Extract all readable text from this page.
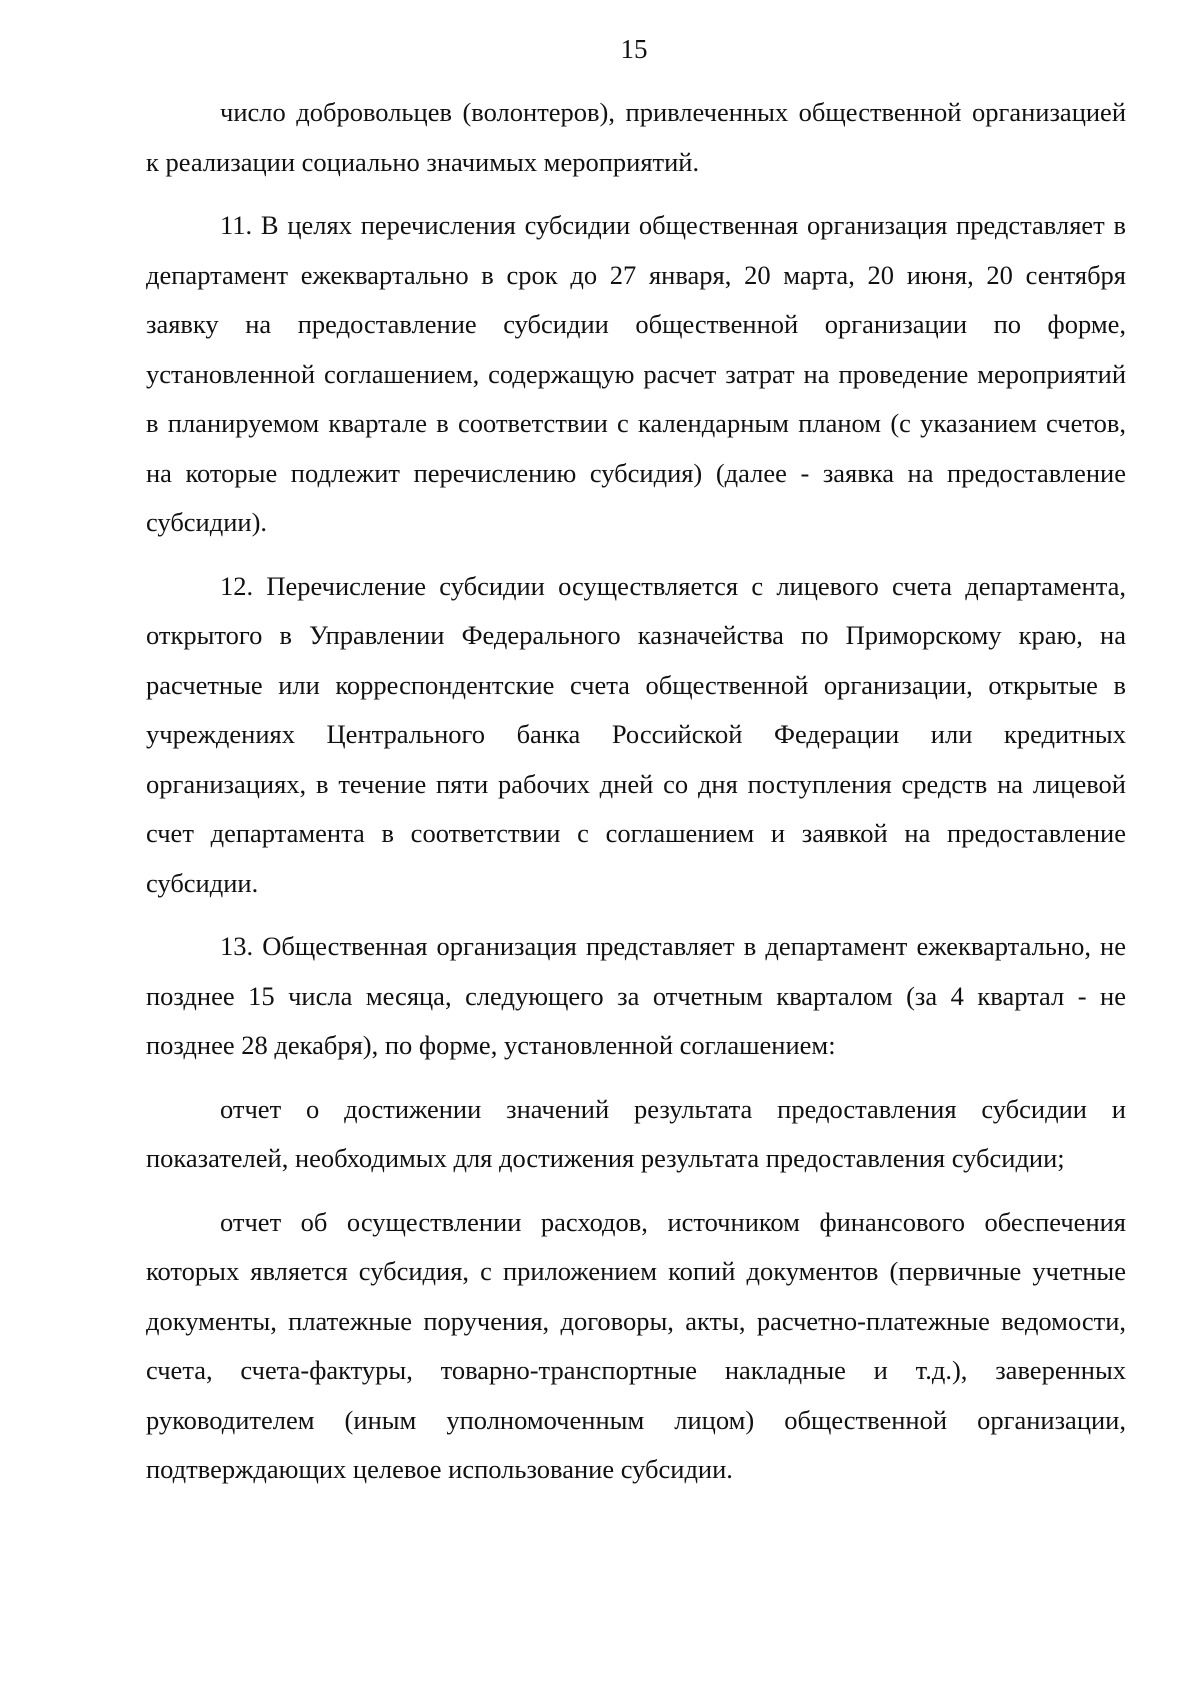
15

число добровольцев (волонтеров), привлеченных общественной организацией к реализации социально значимых мероприятий.

11. В целях перечисления субсидии общественная организация представляет в департамент ежеквартально в срок до 27 января, 20 марта, 20 июня, 20 сентября заявку на предоставление субсидии общественной организации по форме, установленной соглашением, содержащую расчет затрат на проведение мероприятий в планируемом квартале в соответствии с календарным планом (с указанием счетов, на которые подлежит перечислению субсидия) (далее - заявка на предоставление субсидии).

12. Перечисление субсидии осуществляется с лицевого счета департамента, открытого в Управлении Федерального казначейства по Приморскому краю, на расчетные или корреспондентские счета общественной организации, открытые в учреждениях Центрального банка Российской Федерации или кредитных организациях, в течение пяти рабочих дней со дня поступления средств на лицевой счет департамента в соответствии с соглашением и заявкой на предоставление субсидии.

13. Общественная организация представляет в департамент ежеквартально, не позднее 15 числа месяца, следующего за отчетным кварталом (за 4 квартал - не позднее 28 декабря), по форме, установленной соглашением:

отчет о достижении значений результата предоставления субсидии и показателей, необходимых для достижения результата предоставления субсидии;

отчет об осуществлении расходов, источником финансового обеспечения которых является субсидия, с приложением копий документов (первичные учетные документы, платежные поручения, договоры, акты, расчетно-платежные ведомости, счета, счета-фактуры, товарно-транспортные накладные и т.д.), заверенных руководителем (иным уполномоченным лицом) общественной организации, подтверждающих целевое использование субсидии.
